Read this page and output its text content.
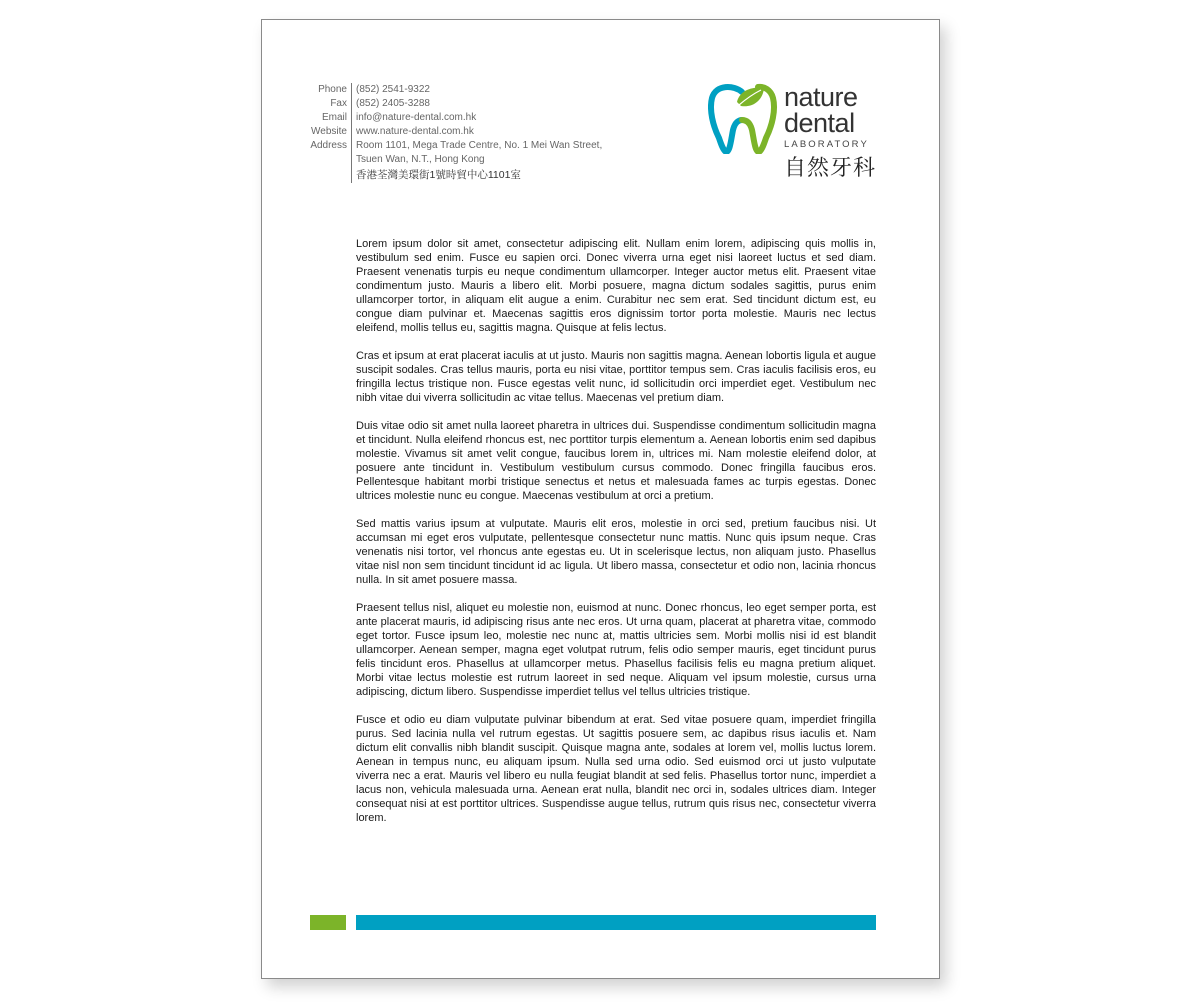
Phone
Fax
Email
Website
Address
(852) 2541-9322
(852) 2405-3288
info@nature-dental.com.hk
www.nature-dental.com.hk
Room 1101, Mega Trade Centre, No. 1 Mei Wan Street,
Tsuen Wan, N.T., Hong Kong
香港荃灣美環街1號時貿中心1101室
nature
dental
LABORATORY
自然牙科

Lorem ipsum dolor sit amet, consectetur adipiscing elit. Nullam enim lorem, adipiscing quis mollis in, vestibulum sed enim. Fusce eu sapien orci. Donec viverra urna eget nisi laoreet luctus et sed diam. Praesent venenatis turpis eu neque condimentum ullamcorper. Integer auctor metus elit. Praesent vitae condimentum justo. Mauris a libero elit. Morbi posuere, magna dictum sodales sagittis, purus enim ullamcorper tortor, in aliquam elit augue a enim. Curabitur nec sem erat. Sed tincidunt dictum est, eu congue diam pulvinar et. Maecenas sagittis eros dignissim tortor porta molestie. Mauris nec lectus eleifend, mollis tellus eu, sagittis magna. Quisque at felis lectus.

Cras et ipsum at erat placerat iaculis at ut justo. Mauris non sagittis magna. Aenean lobortis ligula et augue suscipit sodales. Cras tellus mauris, porta eu nisi vitae, porttitor tempus sem. Cras iaculis facilisis eros, eu fringilla lectus tristique non. Fusce egestas velit nunc, id sollicitudin orci imperdiet eget. Vestibulum nec nibh vitae dui viverra sollicitudin ac vitae tellus. Maecenas vel pretium diam.

Duis vitae odio sit amet nulla laoreet pharetra in ultrices dui. Suspendisse condimentum sollicitudin magna et tincidunt. Nulla eleifend rhoncus est, nec porttitor turpis elementum a. Aenean lobortis enim sed dapibus molestie. Vivamus sit amet velit congue, faucibus lorem in, ultrices mi. Nam molestie eleifend dolor, at posuere ante tincidunt in. Vestibulum vestibulum cursus commodo. Donec fringilla faucibus eros. Pellentesque habitant morbi tristique senectus et netus et malesuada fames ac turpis egestas. Donec ultrices molestie nunc eu congue. Maecenas vestibulum at orci a pretium.

Sed mattis varius ipsum at vulputate. Mauris elit eros, molestie in orci sed, pretium faucibus nisi. Ut accumsan mi eget eros vulputate, pellentesque consectetur nunc mattis. Nunc quis ipsum neque. Cras venenatis nisi tortor, vel rhoncus ante egestas eu. Ut in scelerisque lectus, non aliquam justo. Phasellus vitae nisl non sem tincidunt tincidunt id ac ligula. Ut libero massa, consectetur et odio non, lacinia rhoncus nulla. In sit amet posuere massa.

Praesent tellus nisl, aliquet eu molestie non, euismod at nunc. Donec rhoncus, leo eget semper porta, est ante placerat mauris, id adipiscing risus ante nec eros. Ut urna quam, placerat at pharetra vitae, commodo eget tortor. Fusce ipsum leo, molestie nec nunc at, mattis ultricies sem. Morbi mollis nisi id est blandit ullamcorper. Aenean semper, magna eget volutpat rutrum, felis odio semper mauris, eget tincidunt purus felis tincidunt eros. Phasellus at ullamcorper metus. Phasellus facilisis felis eu magna pretium aliquet. Morbi vitae lectus molestie est rutrum laoreet in sed neque. Aliquam vel ipsum molestie, cursus urna adipiscing, dictum libero. Suspendisse imperdiet tellus vel tellus ultricies tristique.

Fusce et odio eu diam vulputate pulvinar bibendum at erat. Sed vitae posuere quam, imperdiet fringilla purus. Sed lacinia nulla vel rutrum egestas. Ut sagittis posuere sem, ac dapibus risus iaculis et. Nam dictum elit convallis nibh blandit suscipit. Quisque magna ante, sodales at lorem vel, mollis luctus lorem. Aenean in tempus nunc, eu aliquam ipsum. Nulla sed urna odio. Sed euismod orci ut justo vulputate viverra nec a erat. Mauris vel libero eu nulla feugiat blandit at sed felis. Phasellus tortor nunc, imperdiet a lacus non, vehicula malesuada urna. Aenean erat nulla, blandit nec orci in, sodales ultrices diam. Integer consequat nisi at est porttitor ultrices. Suspendisse augue tellus, rutrum quis risus nec, consectetur viverra lorem.
